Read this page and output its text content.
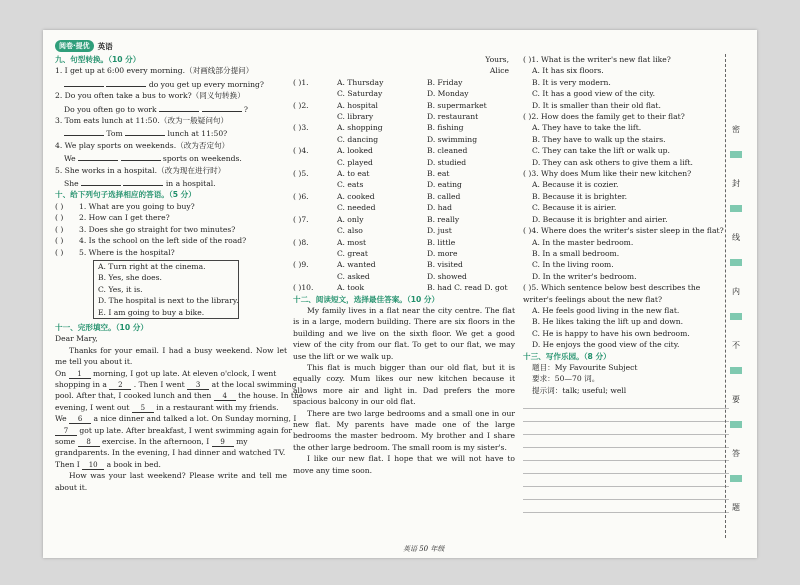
阅卷·提优	英语
九、句型转换。（10 分）
1. I get up at 6:00 every morning.（对画线部分提问）
do you get up every morning?
2. Do you often take a bus to work?（同义句转换）
Do you often go to work	?
3. Tom eats lunch at 11:50.（改为一般疑问句）
Tom	lunch at 11:50?
4. We play sports on weekends.（改为否定句）
We	sports on weekends.
5. She works in a hospital.（改为现在进行时）
She	in a hospital.
十、给下列句子选择相应的答语。（5 分）
( ) 1. What are you going to buy?
( ) 2. How can I get there?
( ) 3. Does she go straight for two minutes?
( ) 4. Is the school on the left side of the road?
( ) 5. Where is the hospital?
A. Turn right at the cinema.
B. Yes, she does.
C. Yes, it is.
D. The hospital is next to the library.
E. I am going to buy a bike.
十一、完形填空。（10 分）
Dear Mary,
Thanks for your email. I had a busy weekend. Now let me tell you about it.
On 1 morning, I got up late. At eleven o'clock, I went
shopping in a 2 . Then I went 3 at the local swimming
pool. After that, I cooked lunch and then 4 the house. In the
evening, I went out 5 in a restaurant with my friends.
We 6 a nice dinner and talked a lot. On Sunday morning, I
7 got up late. After breakfast, I went swimming again for
some 8 exercise. In the afternoon, I 9 my
grandparents. In the evening, I had dinner and watched TV.
Then I 10 a book in bed.
How was your last weekend? Please write and tell me about it.
Yours,
Alice
( )1.	A. Thursday	B. Friday
C. Saturday	D. Monday
( )2.	A. hospital	B. supermarket
C. library	D. restaurant
( )3.	A. shopping	B. fishing
C. dancing	D. swimming
( )4.	A. looked	B. cleaned
C. played	D. studied
( )5.	A. to eat	B. eat
C. eats	D. eating
( )6.	A. cooked	B. called
C. needed	D. had
( )7.	A. only	B. really
C. also	D. just
( )8.	A. most	B. little
C. great	D. more
( )9.	A. wanted	B. visited
C. asked	D. showed
( )10.	A. took	B. had C. read D. got
十二、阅读短文，选择最佳答案。（10 分）
My family lives in a flat near the city centre. The flat is in a large, modern building. There are six floors in the building and we live on the sixth floor. We get a good view of the city from our flat. To get to our flat, we may use the lift or we walk up.
This flat is much bigger than our old flat, but it is equally cozy. Mum likes our new kitchen because it allows more air and light in. Dad prefers the more spacious balcony in our old flat.
There are two large bedrooms and a small one in our new flat. My parents have made one of the large bedrooms the master bedroom. My brother and I share the other large bedroom. The small room is my sister's.
I like our new flat. I hope that we will not have to move any time soon.
( )1. What is the writer's new flat like?
A. It has six floors.
B. It is very modern.
C. It has a good view of the city.
D. It is smaller than their old flat.
( )2. How does the family get to their flat?
A. They have to take the lift.
B. They have to walk up the stairs.
C. They can take the lift or walk up.
D. They can ask others to give them a lift.
( )3. Why does Mum like their new kitchen?
A. Because it is cozier.
B. Because it is brighter.
C. Because it is airier.
D. Because it is brighter and airier.
( )4. Where does the writer's sister sleep in the flat?
A. In the master bedroom.
B. In a small bedroom.
C. In the living room.
D. In the writer's bedroom.
( )5. Which sentence below best describes the writer's feelings about the new flat?
A. He feels good living in the new flat.
B. He likes taking the lift up and down.
C. He is happy to have his own bedroom.
D. He enjoys the good view of the city.
十三、写作乐园。（8 分）
题目：My Favourite Subject
要求：50—70 词。
提示词：talk; useful; well
密
封
线
内
不
要
答
题
英语 50 年级
